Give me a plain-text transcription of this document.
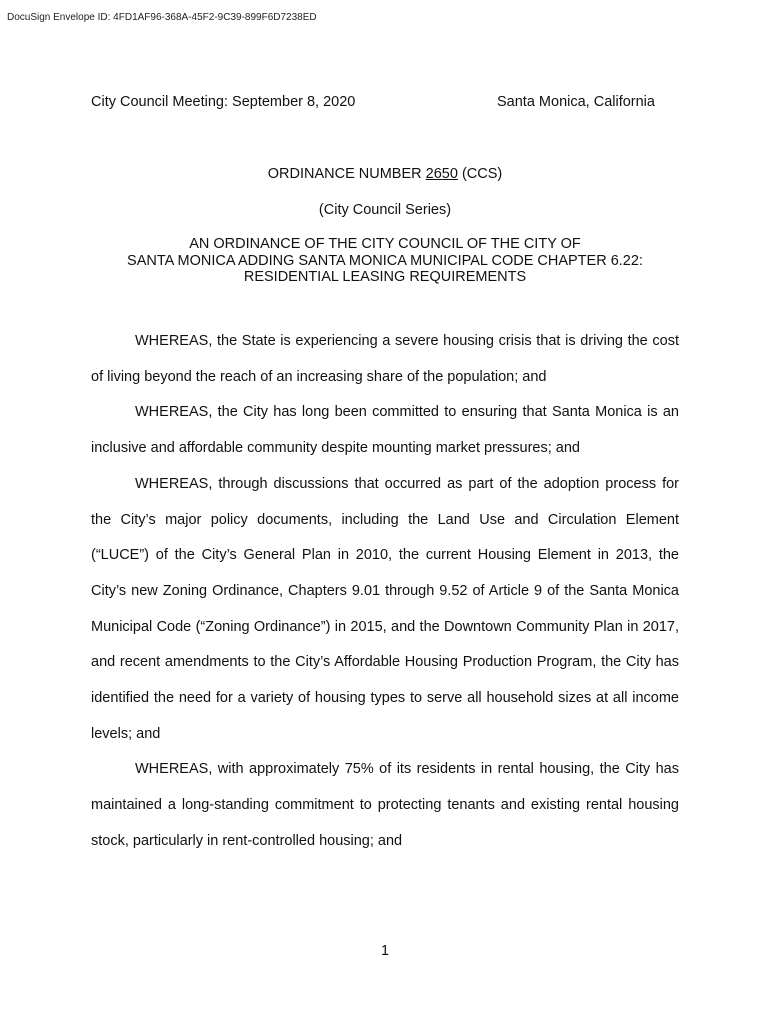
DocuSign Envelope ID: 4FD1AF96-368A-45F2-9C39-899F6D7238ED
City Council Meeting: September 8, 2020	Santa Monica, California
ORDINANCE NUMBER 2650 (CCS)
(City Council Series)
AN ORDINANCE OF THE CITY COUNCIL OF THE CITY OF
SANTA MONICA ADDING SANTA MONICA MUNICIPAL CODE CHAPTER 6.22:
RESIDENTIAL LEASING REQUIREMENTS

WHEREAS, the State is experiencing a severe housing crisis that is driving the cost of living beyond the reach of an increasing share of the population; and

WHEREAS, the City has long been committed to ensuring that Santa Monica is an inclusive and affordable community despite mounting market pressures; and

WHEREAS, through discussions that occurred as part of the adoption process for the City’s major policy documents, including the Land Use and Circulation Element (“LUCE”) of the City’s General Plan in 2010, the current Housing Element in 2013, the City’s new Zoning Ordinance, Chapters 9.01 through 9.52 of Article 9 of the Santa Monica Municipal Code (“Zoning Ordinance”) in 2015, and the Downtown Community Plan in 2017, and recent amendments to the City’s Affordable Housing Production Program, the City has identified the need for a variety of housing types to serve all household sizes at all income levels; and

WHEREAS, with approximately 75% of its residents in rental housing, the City has maintained a long-standing commitment to protecting tenants and existing rental housing stock, particularly in rent-controlled housing; and

1
